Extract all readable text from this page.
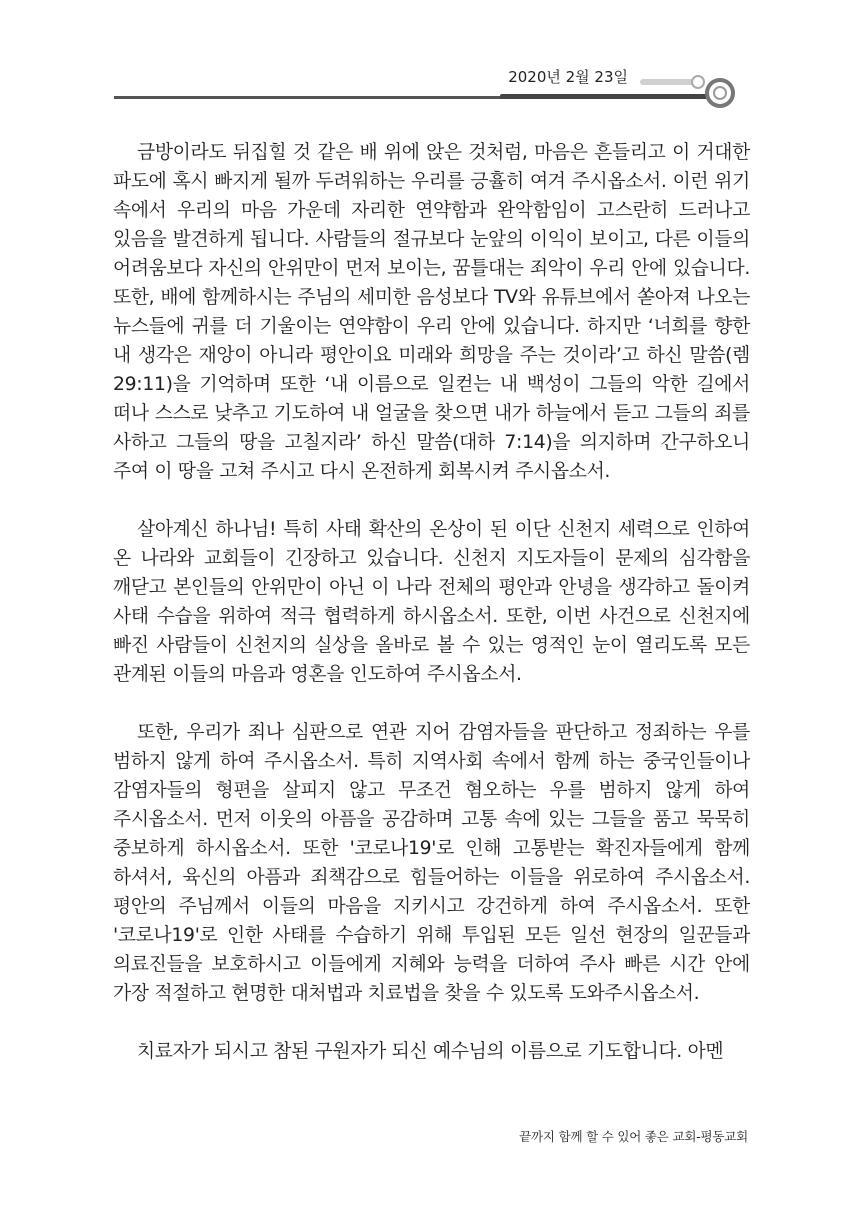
2020년 2월 23일

금방이라도 뒤집힐 것 같은 배 위에 앉은 것처럼, 마음은 흔들리고 이 거대한 파도에 혹시 빠지게 될까 두려워하는 우리를 긍휼히 여겨 주시옵소서. 이런 위기 속에서 우리의 마음 가운데 자리한 연약함과 완악함임이 고스란히 드러나고 있음을 발견하게 됩니다. 사람들의 절규보다 눈앞의 이익이 보이고, 다른 이들의 어려움보다 자신의 안위만이 먼저 보이는, 꿈틀대는 죄악이 우리 안에 있습니다. 또한, 배에 함께하시는 주님의 세미한 음성보다 TV와 유튜브에서 쏟아져 나오는 뉴스들에 귀를 더 기울이는 연약함이 우리 안에 있습니다. 하지만 ‘너희를 향한 내 생각은 재앙이 아니라 평안이요 미래와 희망을 주는 것이라’고 하신 말씀(렘 29:11)을 기억하며 또한 ‘내 이름으로 일컫는 내 백성이 그들의 악한 길에서 떠나 스스로 낮추고 기도하여 내 얼굴을 찾으면 내가 하늘에서 듣고 그들의 죄를 사하고 그들의 땅을 고칠지라’ 하신 말씀(대하 7:14)을 의지하며 간구하오니 주여 이 땅을 고쳐 주시고 다시 온전하게 회복시켜 주시옵소서.

살아계신 하나님! 특히 사태 확산의 온상이 된 이단 신천지 세력으로 인하여 온 나라와 교회들이 긴장하고 있습니다. 신천지 지도자들이 문제의 심각함을 깨닫고 본인들의 안위만이 아닌 이 나라 전체의 평안과 안녕을 생각하고 돌이켜 사태 수습을 위하여 적극 협력하게 하시옵소서. 또한, 이번 사건으로 신천지에 빠진 사람들이 신천지의 실상을 올바로 볼 수 있는 영적인 눈이 열리도록 모든 관계된 이들의 마음과 영혼을 인도하여 주시옵소서.

또한, 우리가 죄나 심판으로 연관 지어 감염자들을 판단하고 정죄하는 우를 범하지 않게 하여 주시옵소서. 특히 지역사회 속에서 함께 하는 중국인들이나 감염자들의 형편을 살피지 않고 무조건 혐오하는 우를 범하지 않게 하여 주시옵소서. 먼저 이웃의 아픔을 공감하며 고통 속에 있는 그들을 품고 묵묵히 중보하게 하시옵소서. 또한 '코로나19'로 인해 고통받는 확진자들에게 함께 하셔서, 육신의 아픔과 죄책감으로 힘들어하는 이들을 위로하여 주시옵소서. 평안의 주님께서 이들의 마음을 지키시고 강건하게 하여 주시옵소서. 또한 '코로나19'로 인한 사태를 수습하기 위해 투입된 모든 일선 현장의 일꾼들과 의료진들을 보호하시고 이들에게 지혜와 능력을 더하여 주사 빠른 시간 안에 가장 적절하고 현명한 대처법과 치료법을 찾을 수 있도록 도와주시옵소서.

치료자가 되시고 참된 구원자가 되신 예수님의 이름으로 기도합니다. 아멘

끝까지 함께 할 수 있어 좋은 교회-평동교회
